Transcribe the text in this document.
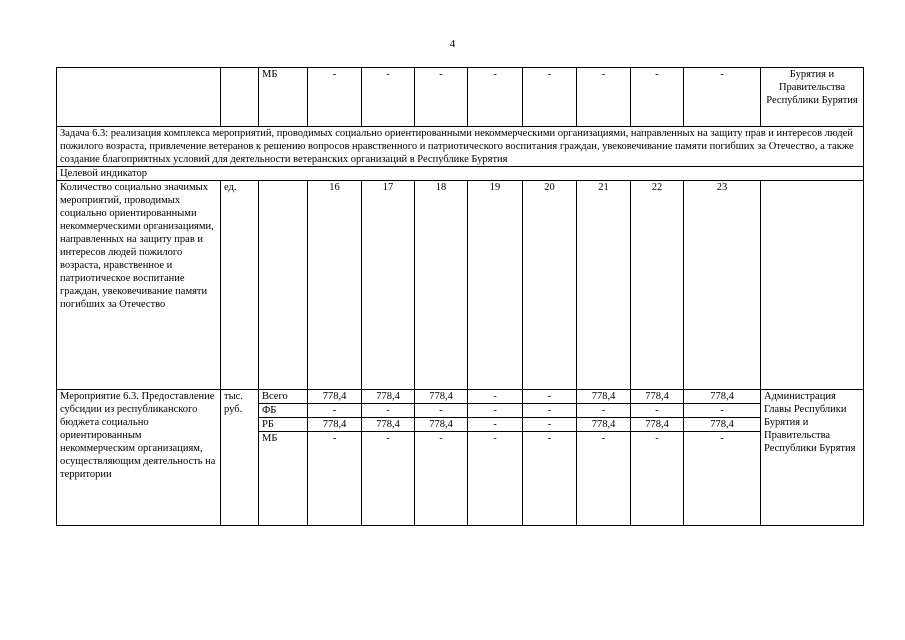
4
		МБ	-	-	-	-	-	-	-	-	Бурятия и Правительства Республики Бурятия
Задача 6.3: реализация комплекса мероприятий, проводимых социально ориентированными некоммерческими организациями, направленных на защиту прав и интересов людей пожилого возраста, привлечение ветеранов к решению вопросов нравственного и патриотического воспитания граждан, увековечивание памяти погибших за Отечество, а также создание благоприятных условий для деятельности ветеранских организаций в Республике Бурятия											
Целевой индикатор											
Количество социально значимых мероприятий, проводимых социально ориентированными некоммерческими организациями, направленных на защиту прав и интересов людей пожилого возраста, нравственное и патриотическое воспитание граждан, увековечивание памяти погибших за Отечество	ед.		16	17	18	19	20	21	22	23	
Мероприятие 6.3. Предоставление субсидии из республиканского бюджета социально ориентированным некоммерческим организациям, осуществляющим деятельность на территории	тыс. руб.	Всего	778,4	778,4	778,4	-	-	778,4	778,4	778,4	Администрация Главы Республики Бурятия и Правительства Республики Бурятия
		ФБ	-	-	-	-	-	-	-	-	
		РБ	778,4	778,4	778,4	-	-	778,4	778,4	778,4	
		МБ	-	-	-	-	-	-	-	-	
